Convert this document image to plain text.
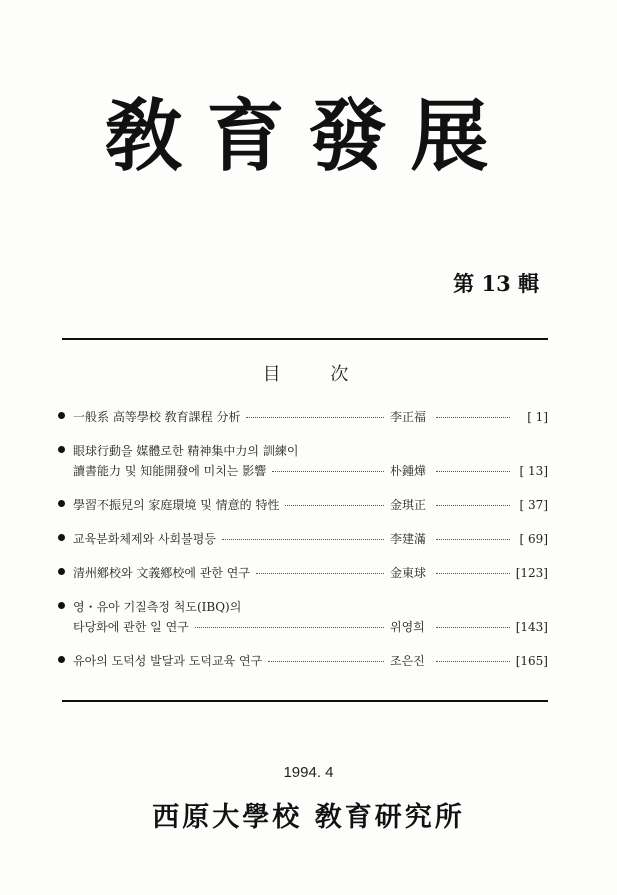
敎育發展
第 13 輯
目 次
一般系 高等學校 敎育課程 分析	李正福	[ 1]
眼球行動을 媒體로한 精神集中力의 訓練이
讀書能力 및 知能開發에 미치는 影響	朴鍾燁	[ 13]
學習不振兒의 家庭環境 및 情意的 特性	金琪正	[ 37]
교육분화체제와 사회불평등	李建滿	[ 69]
清州鄕校와 文義鄕校에 관한 연구	金東球	[123]
영・유아 기질측정 척도(IBQ)의
타당화에 관한 일 연구	위영희	[143]
유아의 도덕성 발달과 도덕교육 연구	조은진	[165]
1994. 4
西原大學校 敎育研究所
